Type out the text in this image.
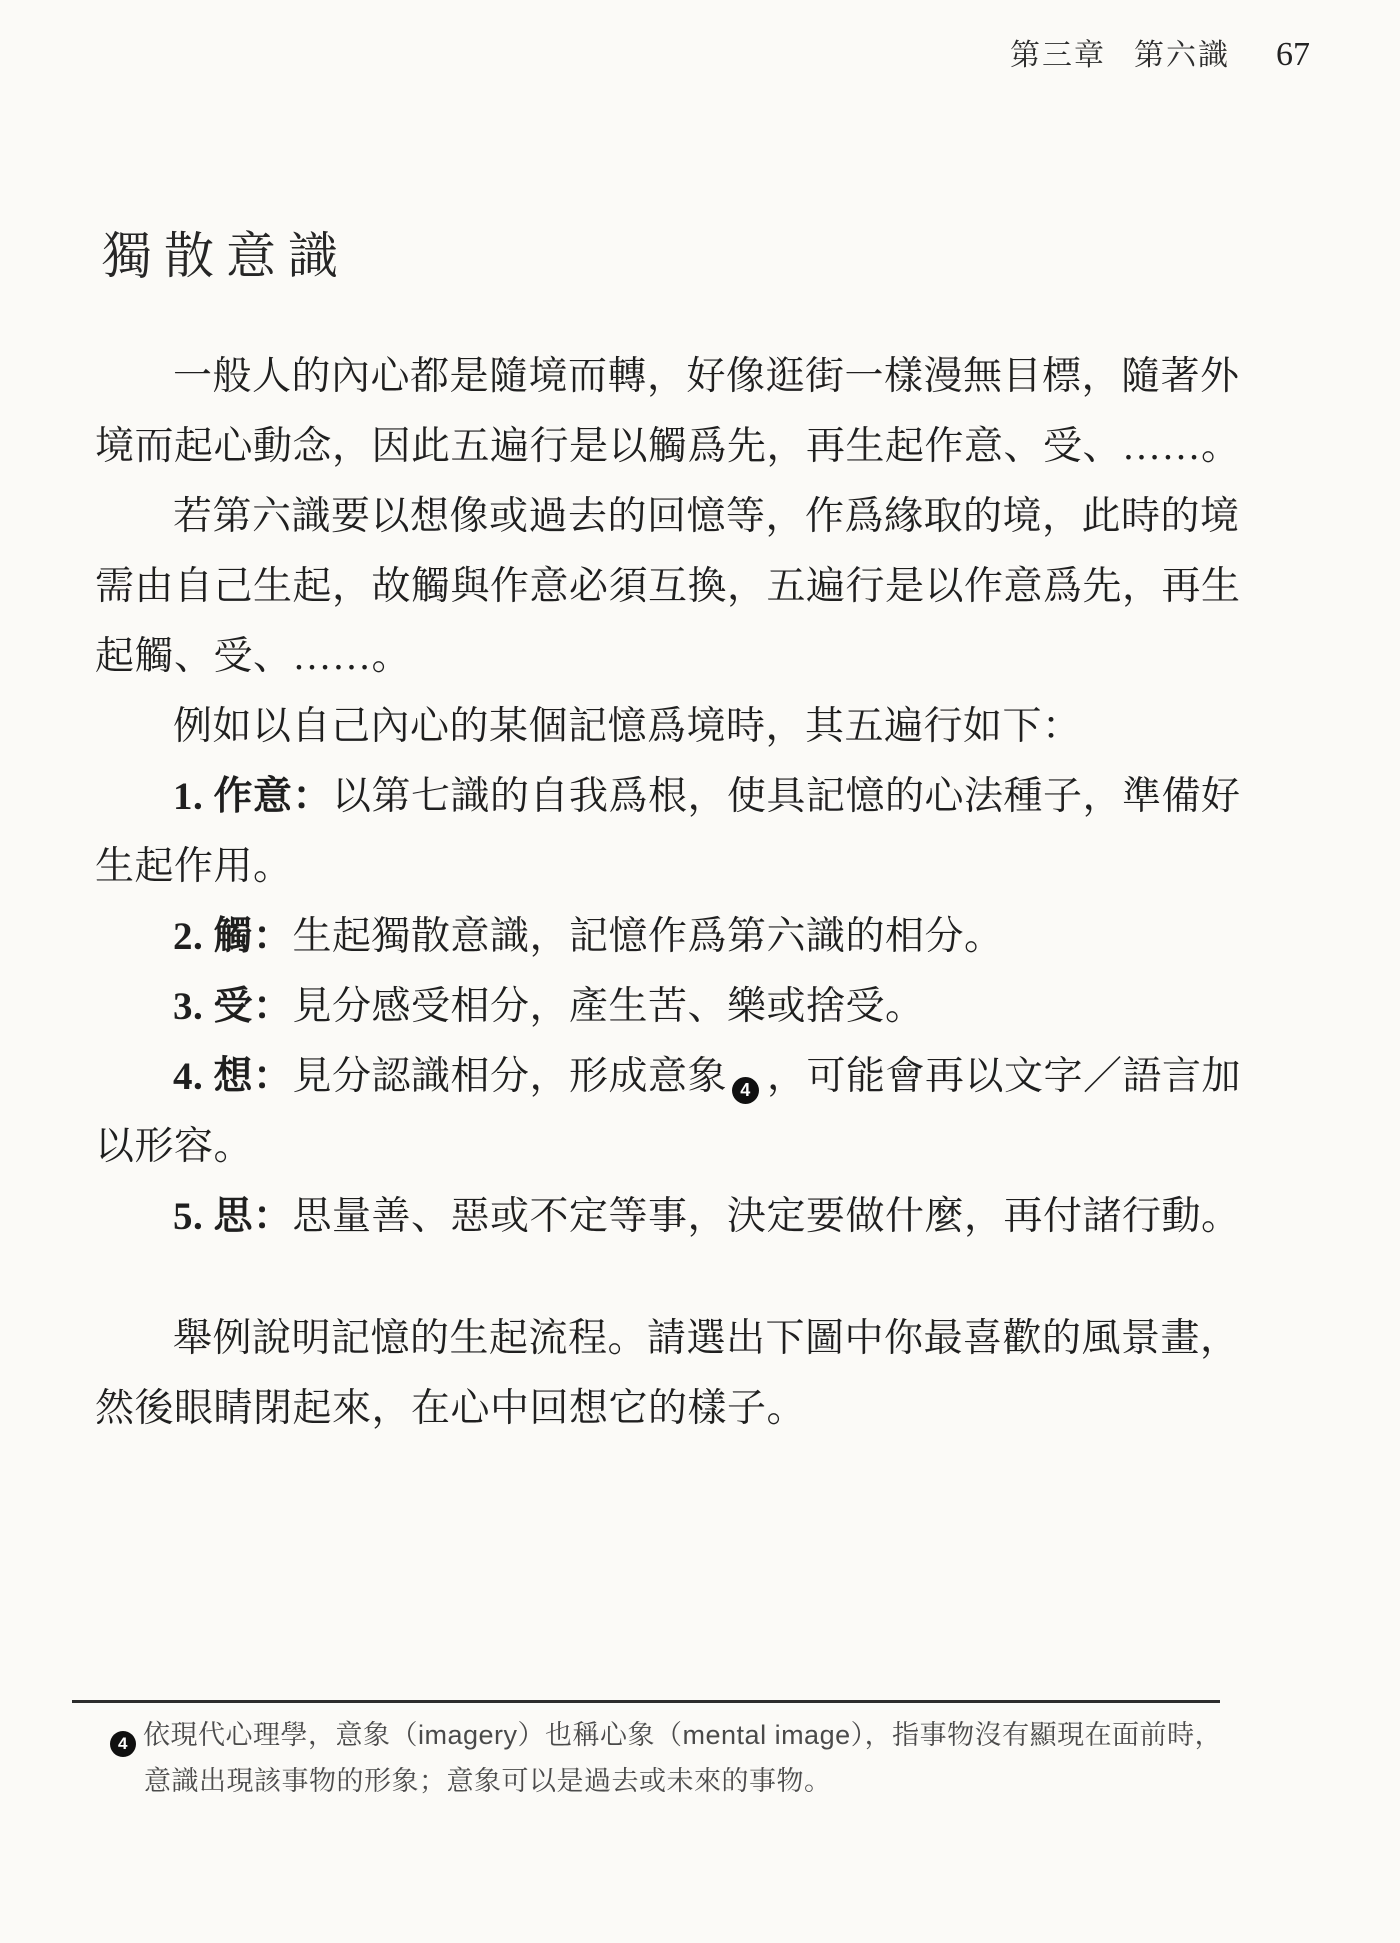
第三章 第六識 67
獨散意識
一般人的內心都是隨境而轉，好像逛街一樣漫無目標，隨著外
境而起心動念，因此五遍行是以觸爲先，再生起作意、受、……。
若第六識要以想像或過去的回憶等，作爲緣取的境，此時的境
需由自己生起，故觸與作意必須互換，五遍行是以作意爲先，再生
起觸、受、……。
例如以自己內心的某個記憶爲境時，其五遍行如下：
1. 作意：以第七識的自我爲根，使具記憶的心法種子，準備好
生起作用。
2. 觸：生起獨散意識，記憶作爲第六識的相分。
3. 受：見分感受相分，產生苦、樂或捨受。
4. 想：見分認識相分，形成意象 4 ，可能會再以文字／語言加
以形容。
5. 思：思量善、惡或不定等事，決定要做什麼，再付諸行動。
舉例說明記憶的生起流程。請選出下圖中你最喜歡的風景畫，
然後眼睛閉起來，在心中回想它的樣子。
4 依現代心理學，意象（imagery）也稱心象（mental image），指事物沒有顯現在面前時，
意識出現該事物的形象；意象可以是過去或未來的事物。
